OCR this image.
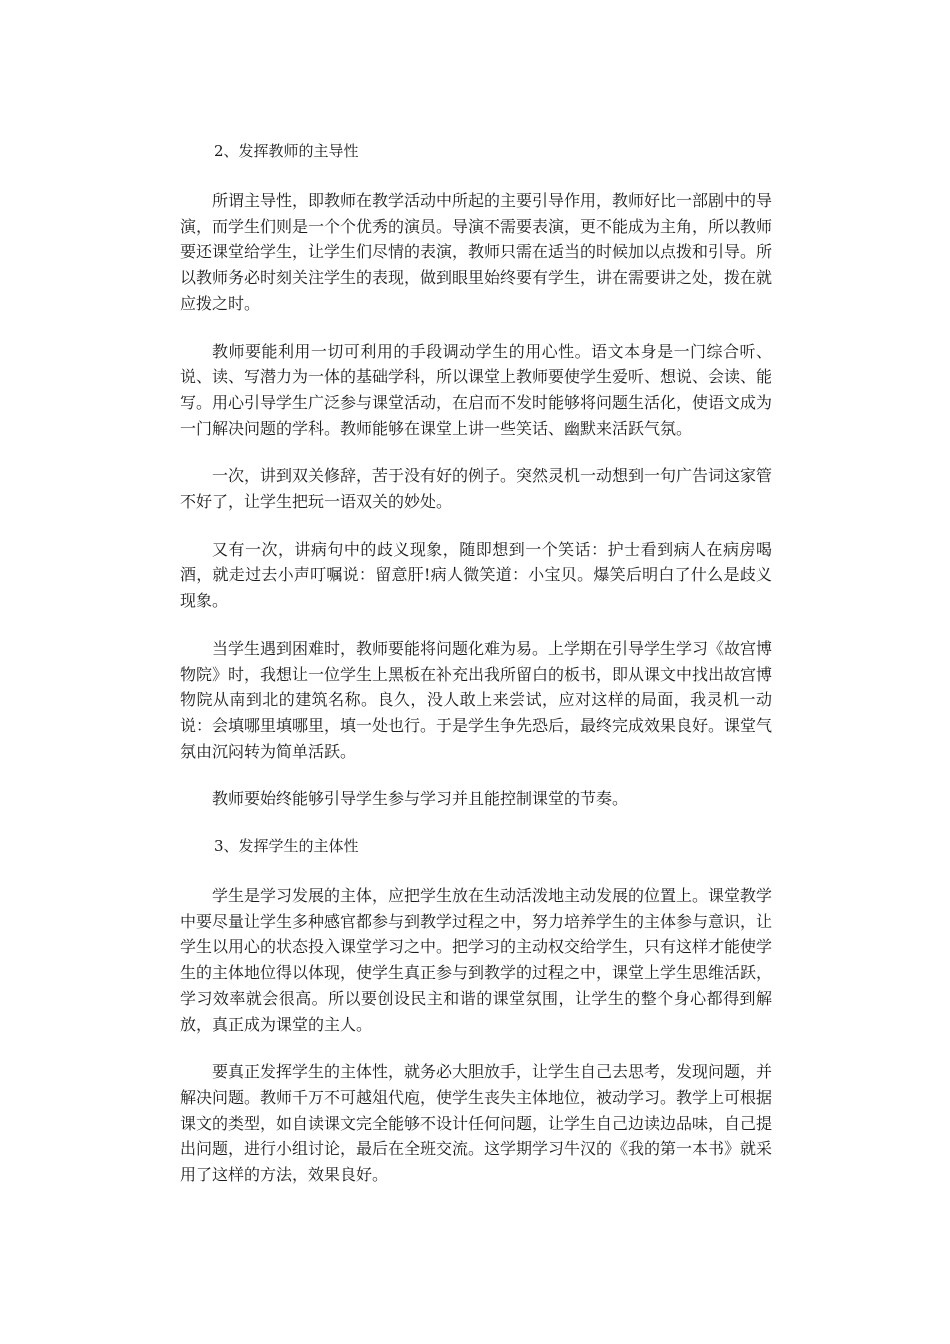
2、发挥教师的主导性

所谓主导性，即教师在教学活动中所起的主要引导作用，教师好比一部剧中的导演，而学生们则是一个个优秀的演员。导演不需要表演，更不能成为主角，所以教师要还课堂给学生，让学生们尽情的表演，教师只需在适当的时候加以点拨和引导。所以教师务必时刻关注学生的表现，做到眼里始终要有学生，讲在需要讲之处，拨在就应拨之时。

教师要能利用一切可利用的手段调动学生的用心性。语文本身是一门综合听、说、读、写潜力为一体的基础学科，所以课堂上教师要使学生爱听、想说、会读、能写。用心引导学生广泛参与课堂活动，在启而不发时能够将问题生活化，使语文成为一门解决问题的学科。教师能够在课堂上讲一些笑话、幽默来活跃气氛。

一次，讲到双关修辞，苦于没有好的例子。突然灵机一动想到一句广告词这家管不好了，让学生把玩一语双关的妙处。

又有一次，讲病句中的歧义现象，随即想到一个笑话：护士看到病人在病房喝酒，就走过去小声叮嘱说：留意肝!病人微笑道：小宝贝。爆笑后明白了什么是歧义现象。

当学生遇到困难时，教师要能将问题化难为易。上学期在引导学生学习《故宫博物院》时，我想让一位学生上黑板在补充出我所留白的板书，即从课文中找出故宫博物院从南到北的建筑名称。良久，没人敢上来尝试，应对这样的局面，我灵机一动说：会填哪里填哪里，填一处也行。于是学生争先恐后，最终完成效果良好。课堂气氛由沉闷转为简单活跃。

教师要始终能够引导学生参与学习并且能控制课堂的节奏。

3、发挥学生的主体性

学生是学习发展的主体，应把学生放在生动活泼地主动发展的位置上。课堂教学中要尽量让学生多种感官都参与到教学过程之中，努力培养学生的主体参与意识，让学生以用心的状态投入课堂学习之中。把学习的主动权交给学生，只有这样才能使学生的主体地位得以体现，使学生真正参与到教学的过程之中，课堂上学生思维活跃，学习效率就会很高。所以要创设民主和谐的课堂氛围，让学生的整个身心都得到解放，真正成为课堂的主人。

要真正发挥学生的主体性，就务必大胆放手，让学生自己去思考，发现问题，并解决问题。教师千万不可越俎代庖，使学生丧失主体地位，被动学习。教学上可根据课文的类型，如自读课文完全能够不设计任何问题，让学生自己边读边品味，自己提出问题，进行小组讨论，最后在全班交流。这学期学习牛汉的《我的第一本书》就采用了这样的方法，效果良好。
